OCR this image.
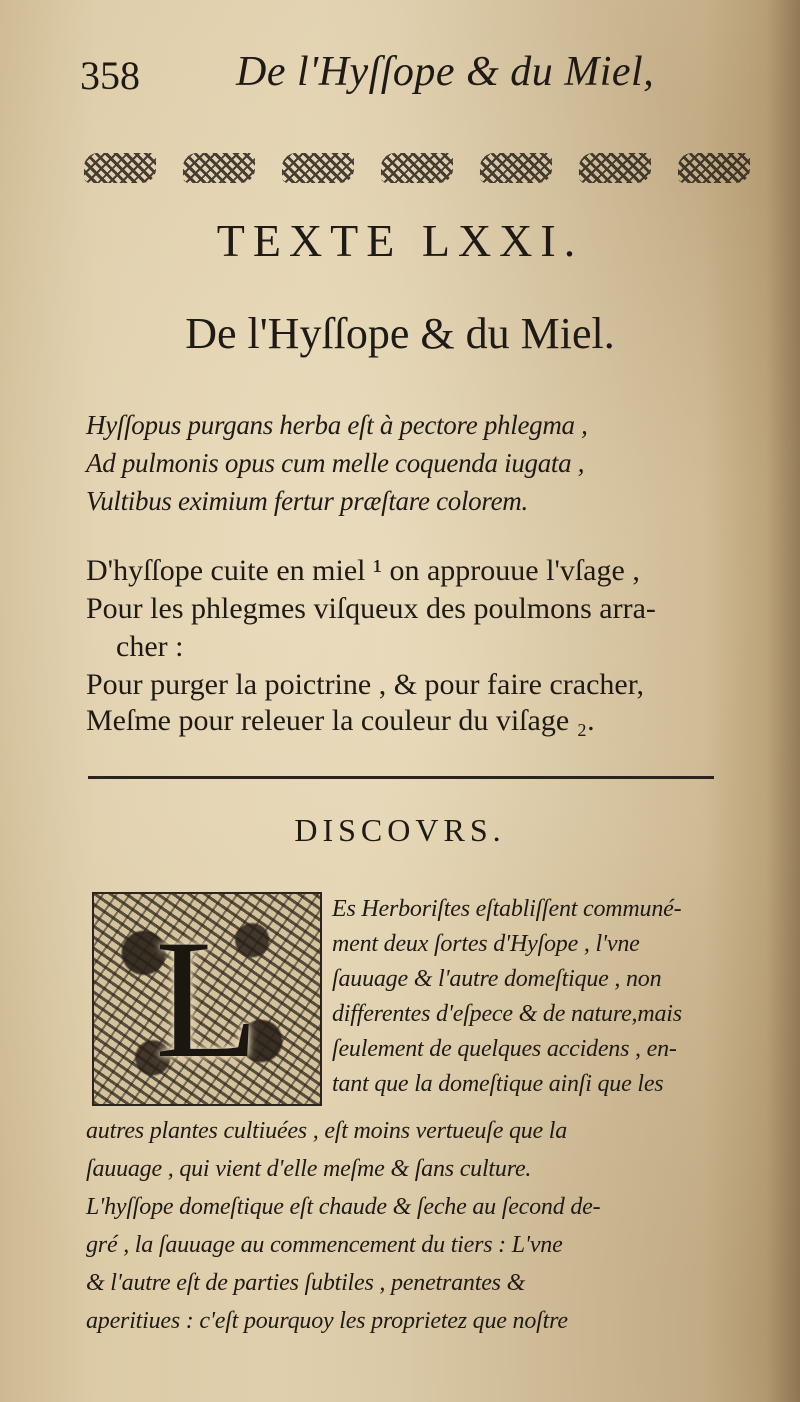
358 De l'Hyſſope & du Miel,
TEXTE LXXI.
De l'Hyſſope & du Miel.
Hyſſopus purgans herba eſt à pectore phlegma ,
Ad pulmonis opus cum melle coquenda iugata ,
Vultibus eximium fertur præſtare colorem.
D'hyſſope cuite en miel ¹ on approuue l'vſage ,
Pour les phlegmes viſqueux des poulmons arra-
cher :
Pour purger la poictrine , & pour faire cracher,
Meſme pour releuer la couleur du viſage ₂.
DISCOVRS.
L	Es Herboriſtes eſtabliſſent communé-
ment deux ſortes d'Hyſope , l'vne
ſauuage & l'autre domeſtique , non
differentes d'eſpece & de nature,mais
ſeulement de quelques accidens , en-
tant que la domeſtique ainſi que les
autres plantes cultiuées , eſt moins vertueuſe que la
ſauuage , qui vient d'elle meſme & ſans culture.
L'hyſſope domeſtique eſt chaude & ſeche au ſecond de-
gré , la ſauuage au commencement du tiers : L'vne
& l'autre eſt de parties ſubtiles , penetrantes &
aperitiues : c'eſt pourquoy les proprietez que noſtre
